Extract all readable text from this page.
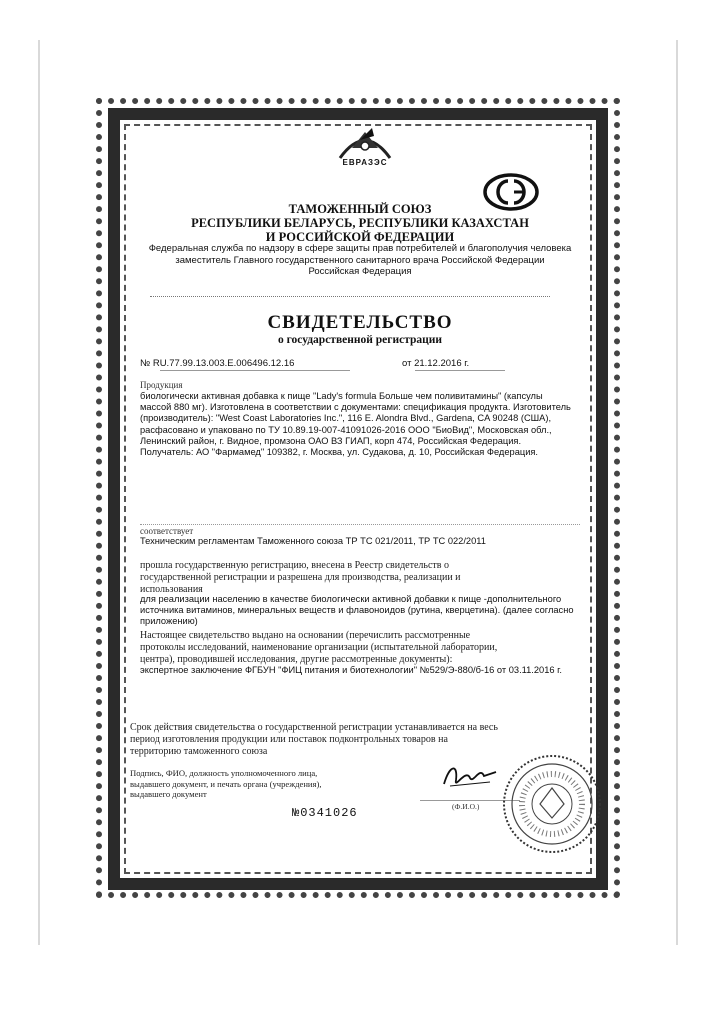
ЕВРАЗЭС
ТАМОЖЕННЫЙ СОЮЗ
РЕСПУБЛИКИ БЕЛАРУСЬ, РЕСПУБЛИКИ КАЗАХСТАН
И РОССИЙСКОЙ ФЕДЕРАЦИИ
Федеральная служба по надзору в сфере защиты прав потребителей и благополучия человека
заместитель Главного государственного санитарного врача Российской Федерации
Российская Федерация
СВИДЕТЕЛЬСТВО
о государственной регистрации
№ RU.77.99.13.003.Е.006496.12.16	от 21.12.2016 г.
Продукция
биологически активная добавка к пище "Lady's formula Больше чем поливитамины" (капсулы
массой 880 мг). Изготовлена в соответствии с документами: спецификация продукта. Изготовитель
(производитель): "West Coast Laboratories Inc.", 116 E. Alondra Blvd., Gardena, CA 90248 (США),
расфасовано и упаковано по ТУ 10.89.19-007-41091026-2016 ООО "БиоВид", Московская обл.,
Ленинский район, г. Видное, промзона ОАО ВЗ ГИАП, корп 474, Российская Федерация.
Получатель: АО "Фармамед" 109382, г. Москва, ул. Судакова, д. 10, Российская Федерация.
соответствует
Техническим регламентам Таможенного союза ТР ТС 021/2011, ТР ТС 022/2011
прошла государственную регистрацию, внесена в Реестр свидетельств о
государственной регистрации и разрешена для производства, реализации и
использования
для реализации населению в качестве биологически активной добавки к пище -дополнительного
источника витаминов, минеральных веществ и флавоноидов (рутина, кверцетина). (далее согласно
приложению)
Настоящее свидетельство выдано на основании (перечислить рассмотренные
протоколы исследований, наименование организации (испытательной лаборатории,
центра), проводившей исследования, другие рассмотренные документы):
экспертное заключение ФГБУН "ФИЦ питания и биотехнологии" №529/Э-880/б-16 от 03.11.2016 г.
Срок действия свидетельства о государственной регистрации устанавливается на весь
период изготовления продукции или поставок подконтрольных товаров на
территорию таможенного союза
Подпись, ФИО, должность уполномоченного лица,
выдавшего документ, и печать органа (учреждения),
выдавшего документ
(Ф.И.О.)
№0341026
